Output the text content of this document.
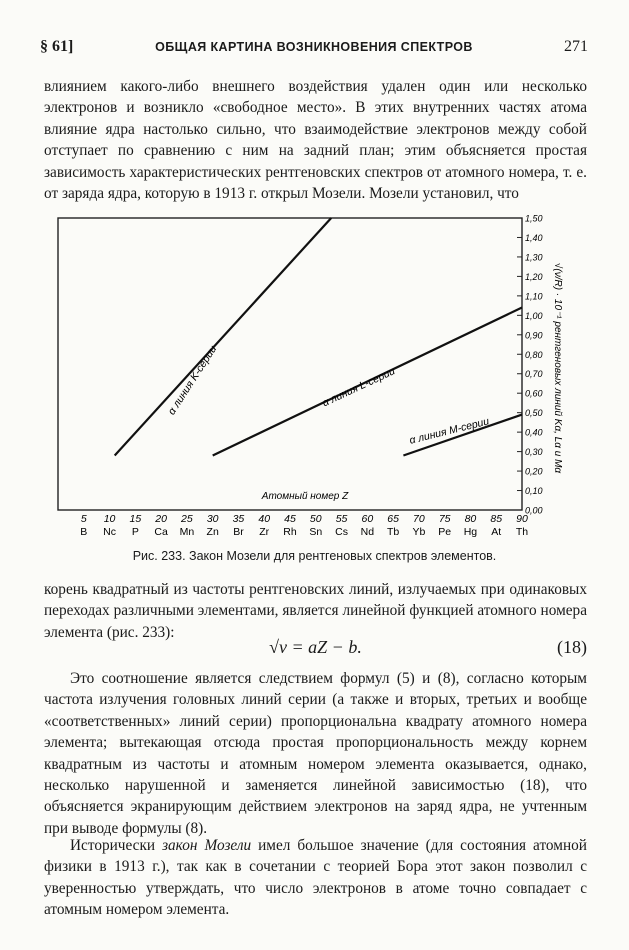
§ 61]	ОБЩАЯ КАРТИНА ВОЗНИКНОВЕНИЯ СПЕКТРОВ	271

влиянием какого-либо внешнего воздействия удален один или несколько электронов и возникло «свободное место». В этих внутренних частях атома влияние ядра настолько сильно, что взаимодействие электронов между собой отступает по сравнению с ним на задний план; этим объясняется простая зависимость характеристических рентгеновских спектров от атомного номера, т. е. от заряда ядра, которую в 1913 г. открыл Мозели. Мозели установил, что

0,00
0,10
0,20
0,30
0,40
0,50
0,60
0,70
0,80
0,90
1,00
1,10
1,20
1,30
1,40
1,50
5
B
10
Nc
15
P
20
Ca
25
Mn
30
Zn
35
Br
40
Zr
45
Rh
50
Sn
55
Cs
60
Nd
65
Tb
70
Yb
75
Pe
80
Hg
85
At
90
Th
Атомный номер Z
√(ν/R) · 10⁻¹ рентгеновых линий Kα, Lα и Mα
α линия K-серии	α линия L-серии
α линия M-серии
Рис. 233. Закон Мозели для рентгеновых спектров элементов.

корень квадратный из частоты рентгеновских линий, излучаемых при одинаковых переходах различными элементами, является линейной функцией атомного номера элемента (рис. 233):

√ν = aZ − b.	(18)

Это соотношение является следствием формул (5) и (8), согласно которым частота излучения головных линий серии (а также и вторых, третьих и вообще «соответственных» линий серии) пропорциональна квадрату атомного номера элемента; вытекающая отсюда простая пропорциональность между корнем квадратным из частоты и атомным номером элемента оказывается, однако, несколько нарушенной и заменяется линейной зависимостью (18), что объясняется экранирующим действием электронов на заряд ядра, не учтенным при выводе формулы (8).

Исторически закон Мозели имел большое значение (для состояния атомной физики в 1913 г.), так как в сочетании с теорией Бора этот закон позволил с уверенностью утверждать, что число электронов в атоме точно совпадает с атомным номером элемента.
